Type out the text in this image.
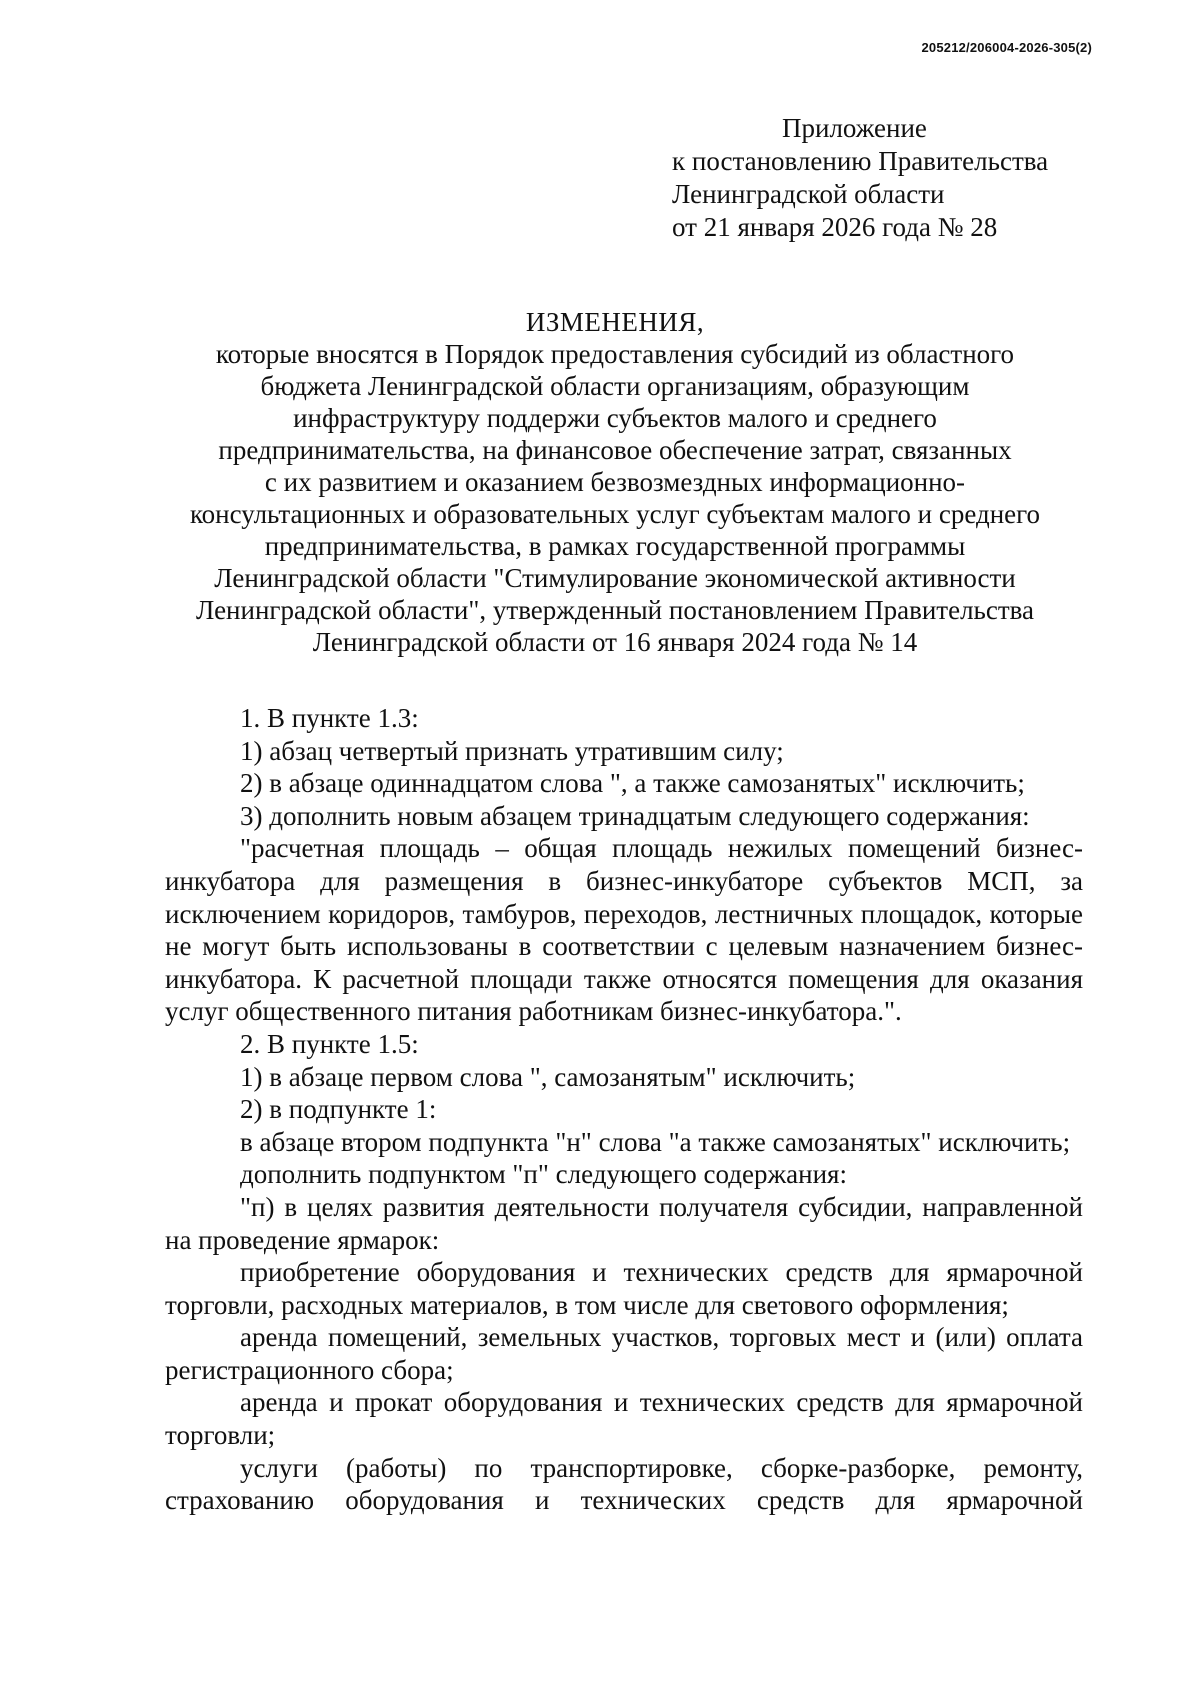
205212/206004-2026-305(2)
Приложение
к постановлению Правительства
Ленинградской области
от 21 января 2026 года № 28
ИЗМЕНЕНИЯ,
которые вносятся в Порядок предоставления субсидий из областного
бюджета Ленинградской области организациям, образующим
инфраструктуру поддержи субъектов малого и среднего
предпринимательства, на финансовое обеспечение затрат, связанных
с их развитием и оказанием безвозмездных информационно-
консультационных и образовательных услуг субъектам малого и среднего
предпринимательства, в рамках государственной программы
Ленинградской области "Стимулирование экономической активности
Ленинградской области", утвержденный постановлением Правительства
Ленинградской области от 16 января 2024 года № 14
1. В пункте 1.3:
1) абзац четвертый признать утратившим силу;
2) в абзаце одиннадцатом слова ", а также самозанятых" исключить;
3) дополнить новым абзацем тринадцатым следующего содержания:
"расчетная площадь – общая площадь нежилых помещений бизнес-инкубатора для размещения в бизнес-инкубаторе субъектов МСП, за исключением коридоров, тамбуров, переходов, лестничных площадок, которые не могут быть использованы в соответствии с целевым назначением бизнес-инкубатора. К расчетной площади также относятся помещения для оказания услуг общественного питания работникам бизнес-инкубатора.".
2. В пункте 1.5:
1) в абзаце первом слова ", самозанятым" исключить;
2) в подпункте 1:
в абзаце втором подпункта "н" слова "а также самозанятых" исключить;
дополнить подпунктом "п" следующего содержания:
"п) в целях развития деятельности получателя субсидии, направленной на проведение ярмарок:
приобретение оборудования и технических средств для ярмарочной торговли, расходных материалов, в том числе для светового оформления;
аренда помещений, земельных участков, торговых мест и (или) оплата регистрационного сбора;
аренда и прокат оборудования и технических средств для ярмарочной торговли;
услуги (работы) по транспортировке, сборке-разборке, ремонту, страхованию оборудования и технических средств для ярмарочной
